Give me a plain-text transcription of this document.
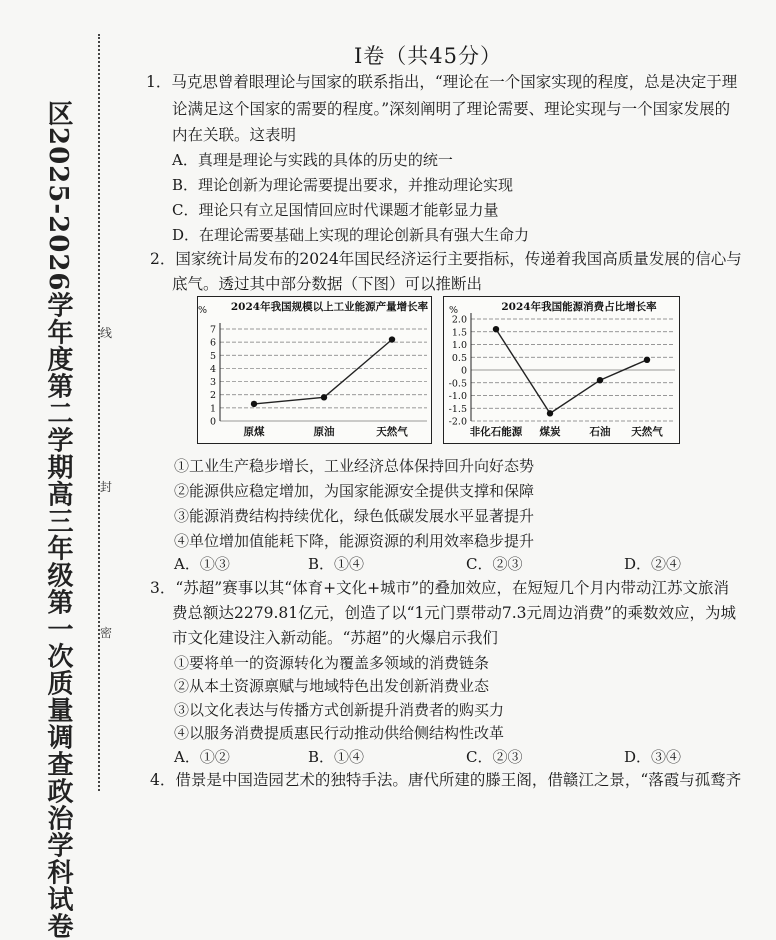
区2025-2026学年度第二学期高三年级第一次质量调查政治学科试卷	线
封
密
I卷（共45分）
1．马克思曾着眼理论与国家的联系指出，“理论在一个国家实现的程度，总是决定于理
论满足这个国家的需要的程度。”深刻阐明了理论需要、理论实现与一个国家发展的
内在关联。这表明
A．真理是理论与实践的具体的历史的统一
B．理论创新为理论需要提出要求，并推动理论实现
C．理论只有立足国情回应时代课题才能彰显力量
D．在理论需要基础上实现的理论创新具有强大生命力
2．国家统计局发布的2024年国民经济运行主要指标，传递着我国高质量发展的信心与
底气。透过其中部分数据（下图）可以推断出
2024年我国规模以上工业能源产量增长率
%
0
1
2
3
4
5
6
7
原煤	原油	天然气
2024年我国能源消费占比增长率
%
-2.0
-1.5
-1.0
-0.5
0
0.5
1.0
1.5
2.0
非化石能源 煤炭	石油 天然气
①工业生产稳步增长，工业经济总体保持回升向好态势
②能源供应稳定增加，为国家能源安全提供支撑和保障
③能源消费结构持续优化，绿色低碳发展水平显著提升
④单位增加值能耗下降，能源资源的利用效率稳步提升
A．①③	B．①④	C．②③	D．②④
3．“苏超”赛事以其“体育+文化+城市”的叠加效应，在短短几个月内带动江苏文旅消
费总额达2279.81亿元，创造了以“1元门票带动7.3元周边消费”的乘数效应，为城
市文化建设注入新动能。“苏超”的火爆启示我们
①要将单一的资源转化为覆盖多领域的消费链条
②从本土资源禀赋与地域特色出发创新消费业态
③以文化表达与传播方式创新提升消费者的购买力
④以服务消费提质惠民行动推动供给侧结构性改革
A．①②	B．①④	C．②③	D．③④
4．借景是中国造园艺术的独特手法。唐代所建的滕王阁，借赣江之景，“落霞与孤鹜齐
